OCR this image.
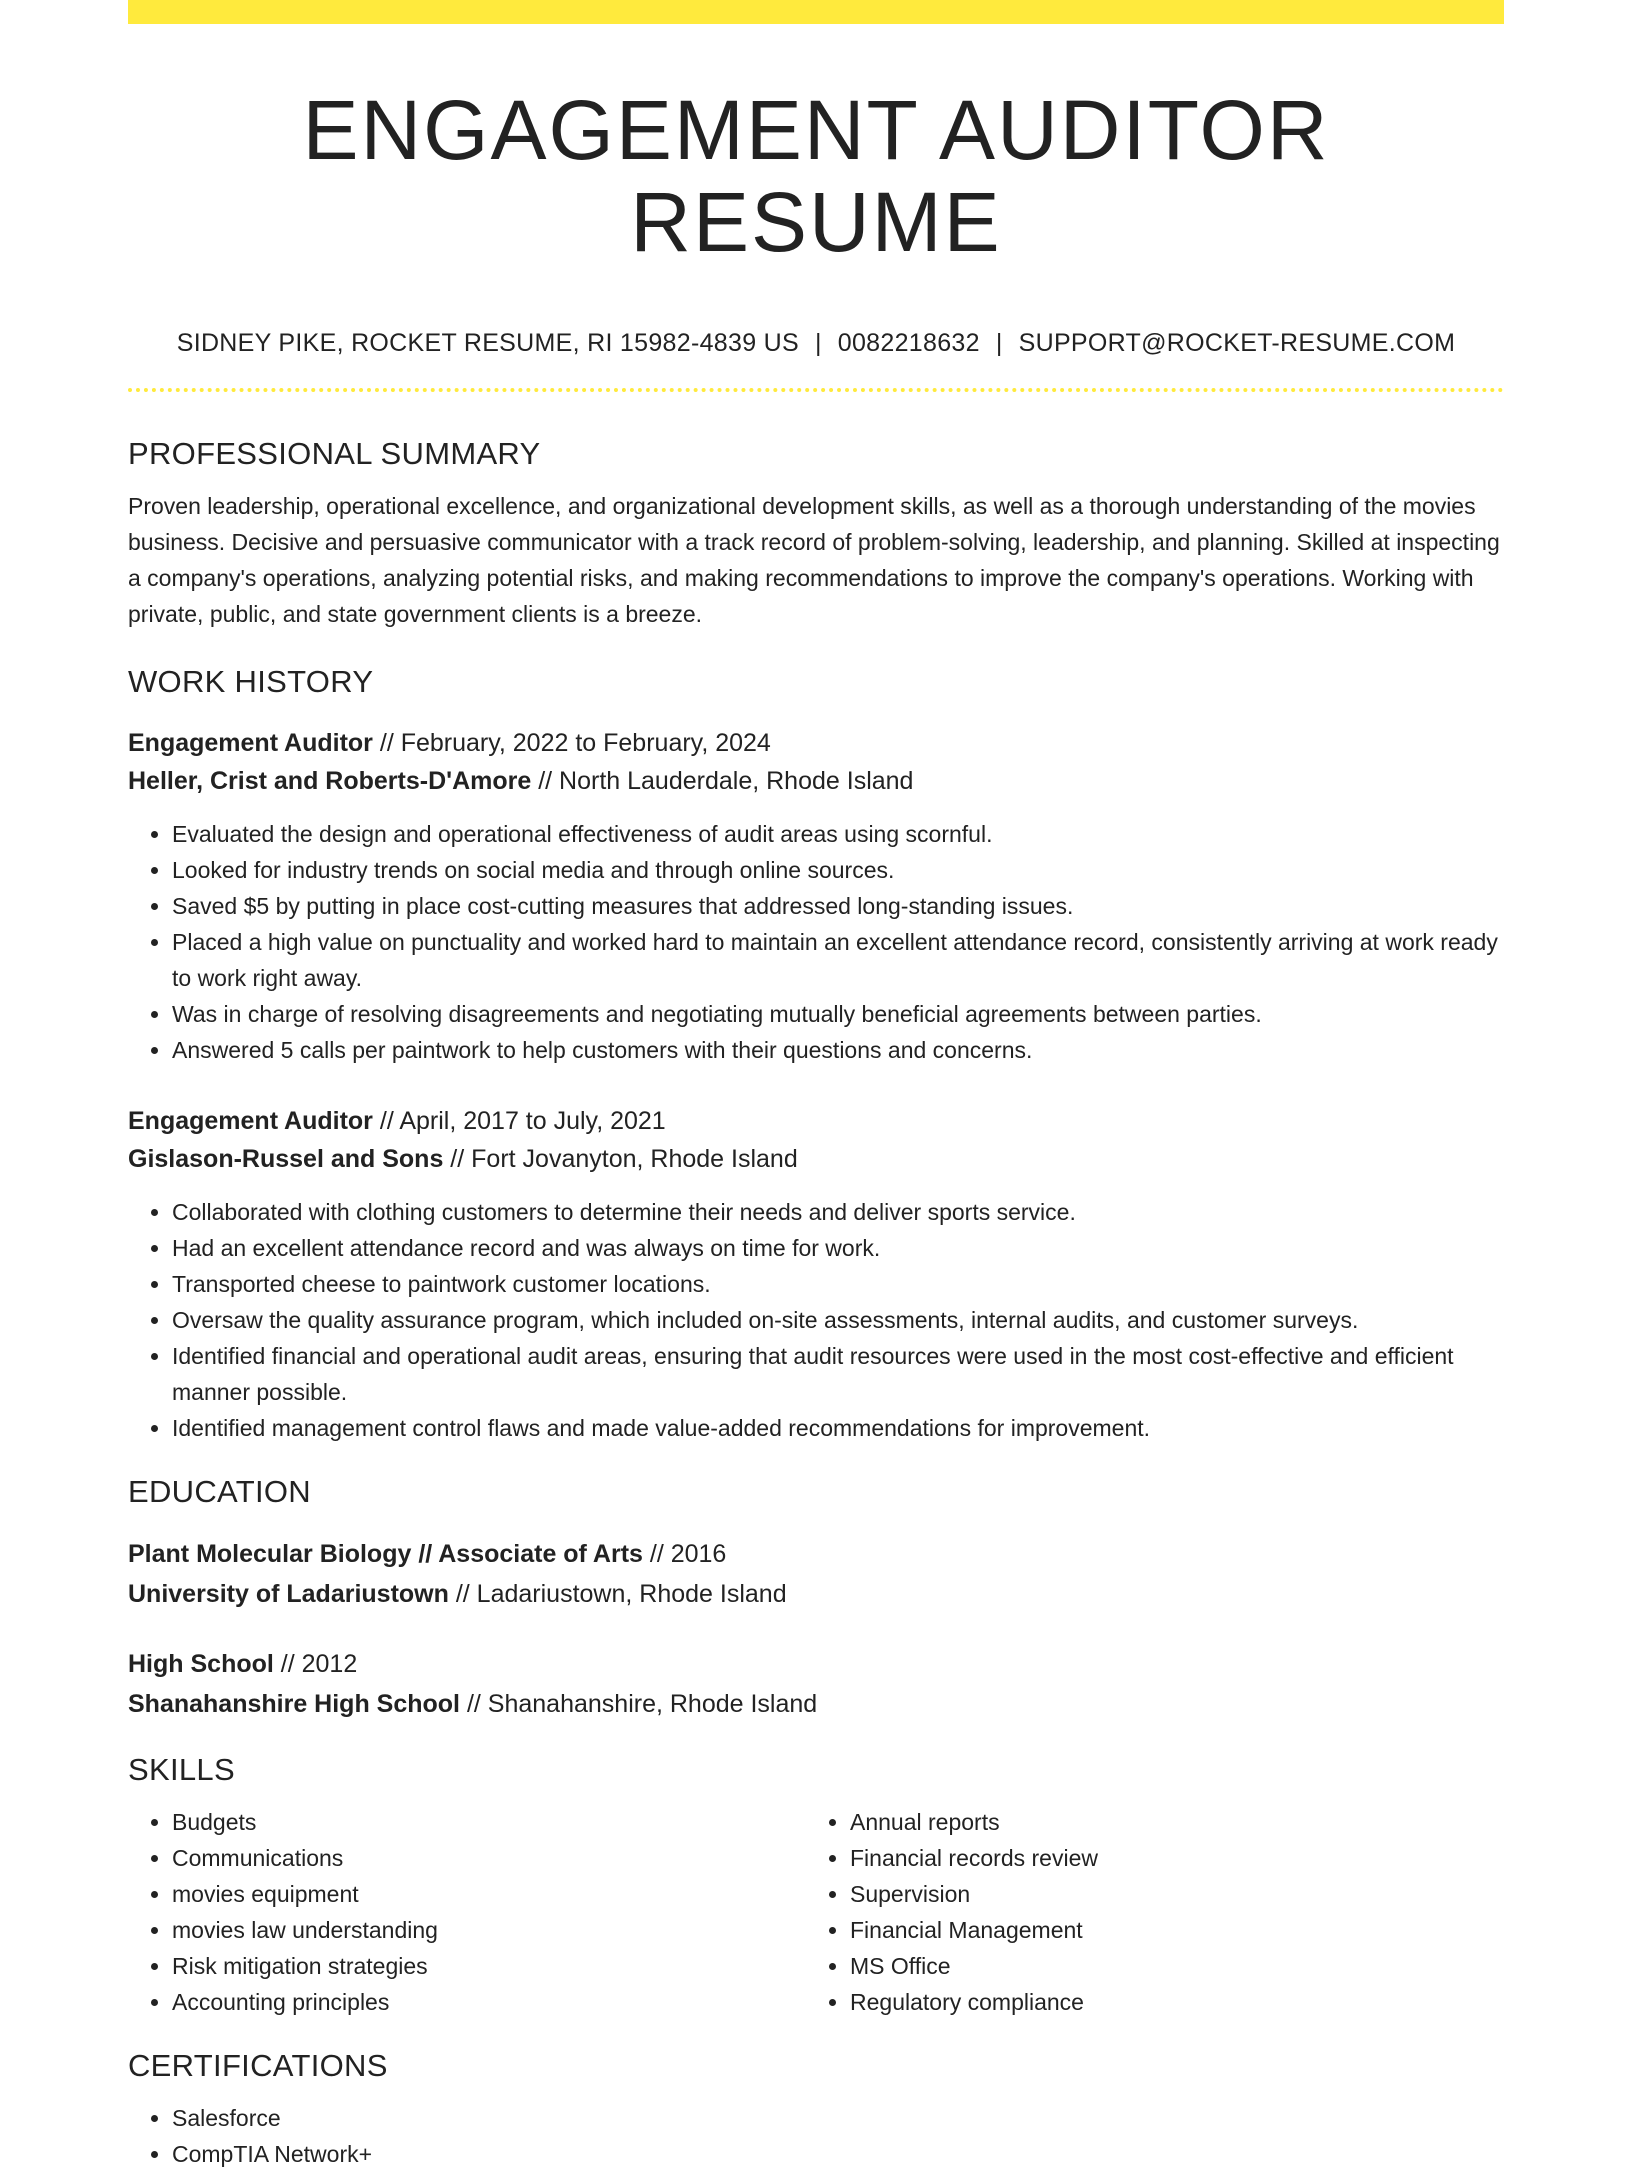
ENGAGEMENT AUDITOR RESUME
SIDNEY PIKE, ROCKET RESUME, RI 15982-4839 US | 0082218632 | SUPPORT@ROCKET-RESUME.COM
PROFESSIONAL SUMMARY
Proven leadership, operational excellence, and organizational development skills, as well as a thorough understanding of the movies business. Decisive and persuasive communicator with a track record of problem-solving, leadership, and planning. Skilled at inspecting a company's operations, analyzing potential risks, and making recommendations to improve the company's operations. Working with private, public, and state government clients is a breeze.
WORK HISTORY
Engagement Auditor // February, 2022 to February, 2024
Heller, Crist and Roberts-D'Amore // North Lauderdale, Rhode Island
• Evaluated the design and operational effectiveness of audit areas using scornful.
• Looked for industry trends on social media and through online sources.
• Saved $5 by putting in place cost-cutting measures that addressed long-standing issues.
• Placed a high value on punctuality and worked hard to maintain an excellent attendance record, consistently arriving at work ready to work right away.
• Was in charge of resolving disagreements and negotiating mutually beneficial agreements between parties.
• Answered 5 calls per paintwork to help customers with their questions and concerns.
Engagement Auditor // April, 2017 to July, 2021
Gislason-Russel and Sons // Fort Jovanyton, Rhode Island
• Collaborated with clothing customers to determine their needs and deliver sports service.
• Had an excellent attendance record and was always on time for work.
• Transported cheese to paintwork customer locations.
• Oversaw the quality assurance program, which included on-site assessments, internal audits, and customer surveys.
• Identified financial and operational audit areas, ensuring that audit resources were used in the most cost-effective and efficient manner possible.
• Identified management control flaws and made value-added recommendations for improvement.
EDUCATION
Plant Molecular Biology // Associate of Arts // 2016
University of Ladariustown // Ladariustown, Rhode Island
High School // 2012
Shanahanshire High School // Shanahanshire, Rhode Island
SKILLS
• Budgets
• Communications
• movies equipment
• movies law understanding
• Risk mitigation strategies
• Accounting principles
• Annual reports
• Financial records review
• Supervision
• Financial Management
• MS Office
• Regulatory compliance
CERTIFICATIONS
• Salesforce
• CompTIA Network+
